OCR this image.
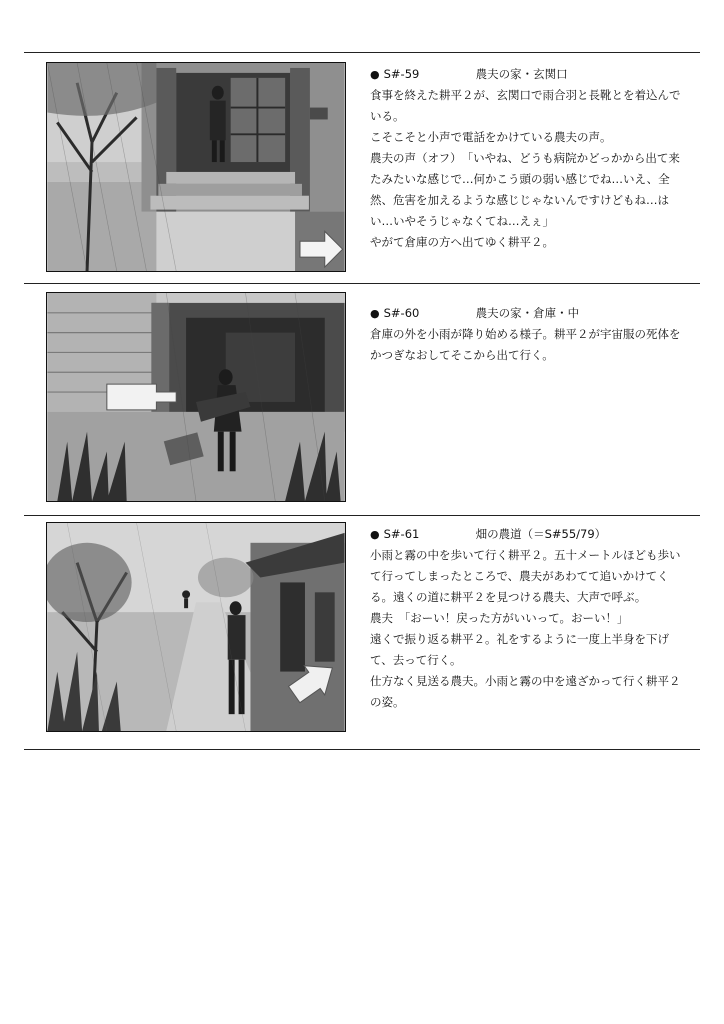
● S#-59	農夫の家・玄関口

食事を終えた耕平２が、玄関口で雨合羽と長靴とを着込んでいる。

こそこそと小声で電話をかけている農夫の声。

農夫の声（オフ）　「いやね、どうも病院かどっかから出て来たみたいな感じで…何かこう頭の弱い感じでね…いえ、全然、危害を加えるような感じじゃないんですけどもね…はい…いやそうじゃなくてね…えぇ」

やがて倉庫の方へ出てゆく耕平２。

● S#-60	農夫の家・倉庫・中

倉庫の外を小雨が降り始める様子。耕平２が宇宙服の死体をかつぎなおしてそこから出て行く。

● S#-61	畑の農道（＝S#55/79）

小雨と霧の中を歩いて行く耕平２。五十メートルほども歩いて行ってしまったところで、農夫があわてて追いかけてくる。遠くの道に耕平２を見つける農夫、大声で呼ぶ。

農夫　「おーい！戻った方がいいって。おーい！」

遠くで振り返る耕平２。礼をするように一度上半身を下げて、去って行く。

仕方なく見送る農夫。小雨と霧の中を遠ざかって行く耕平２の姿。
